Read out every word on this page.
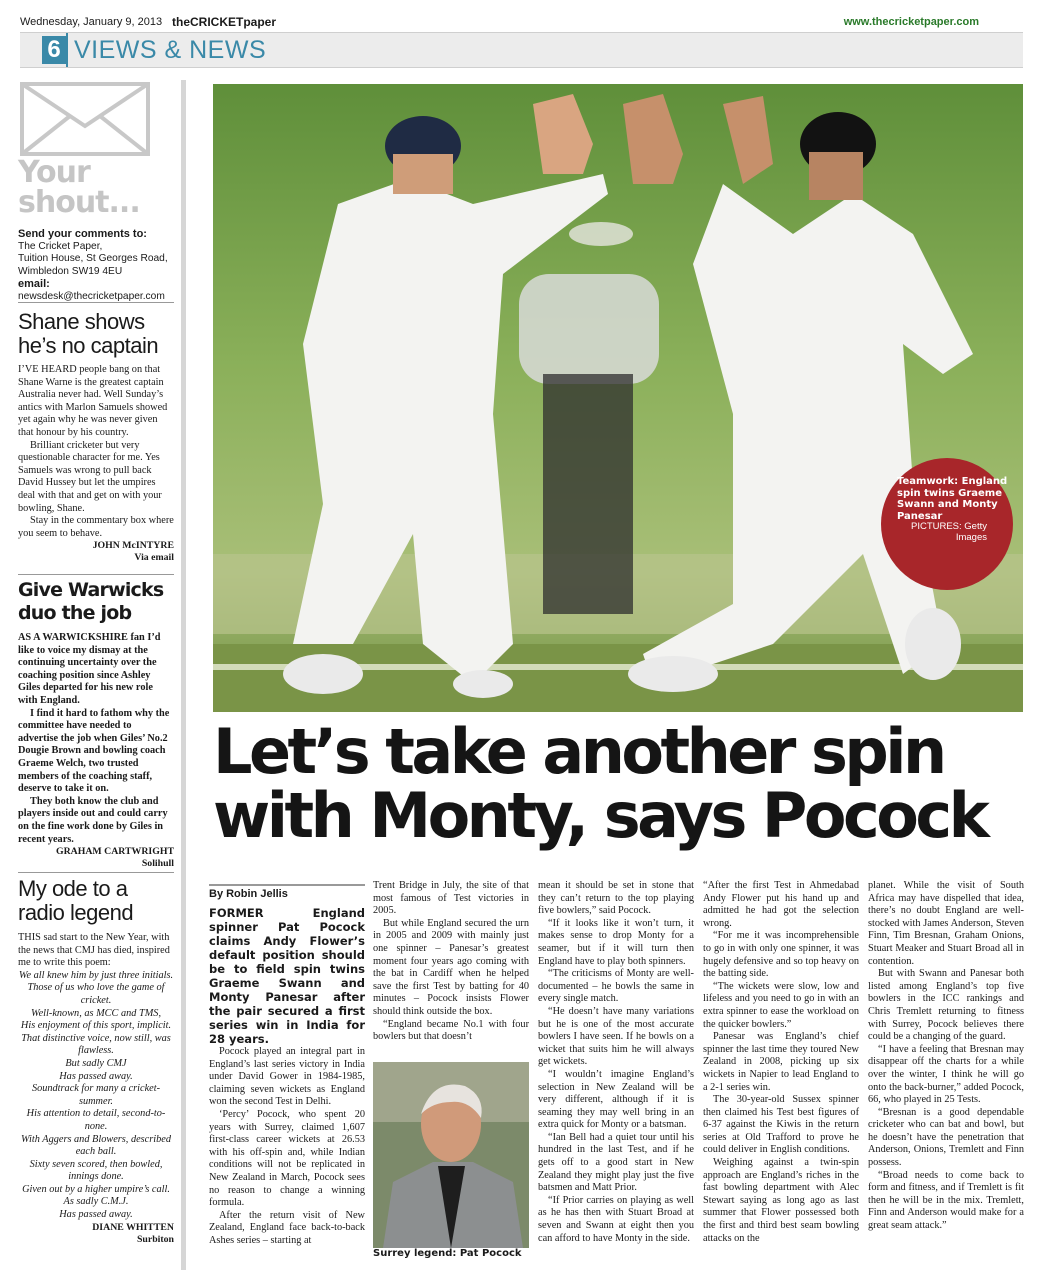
Wednesday, January 9, 2013 theCRICKETpaper	www.thecricketpaper.com
6 VIEWS & NEWS
Your
shout...
Send your comments to:
The Cricket Paper,
Tuition House, St Georges Road,
Wimbledon SW19 4EU
email:
newsdesk@thecricketpaper.com
Shane shows
he’s no captain

I’VE HEARD people bang on that Shane Warne is the greatest captain Australia never had. Well Sunday’s antics with Marlon Samuels showed yet again why he was never given that honour by his country.

Brilliant cricketer but very questionable character for me. Yes Samuels was wrong to pull back David Hussey but let the umpires deal with that and get on with your bowling, Shane.

Stay in the commentary box where you seem to behave.

JOHN McINTYRE
Via email
Give Warwicks
duo the job

AS A WARWICKSHIRE fan I’d like to voice my dismay at the continuing uncertainty over the coaching position since Ashley Giles departed for his new role with England.

I find it hard to fathom why the committee have needed to advertise the job when Giles’ No.2 Dougie Brown and bowling coach Graeme Welch, two trusted members of the coaching staff, deserve to take it on.

They both know the club and players inside out and could carry on the fine work done by Giles in recent years.

GRAHAM CARTWRIGHT
Solihull
My ode to a
radio legend

THIS sad start to the New Year, with the news that CMJ has died, inspired me to write this poem:

We all knew him by just three initials.
Those of us who love the game of cricket.
Well-known, as MCC and TMS,
His enjoyment of this sport, implicit.
That distinctive voice, now still, was flawless.
But sadly CMJ
Has passed away.
Soundtrack for many a cricket-summer.
His attention to detail, second-to-none.
With Aggers and Blowers, described each ball.
Sixty seven scored, then bowled, innings done.
Given out by a higher umpire’s call.
As sadly C.M.J.
Has passed away.
DIANE WHITTEN
Surbiton
Teamwork: England spin twins Graeme Swann and Monty Panesar
PICTURES: Getty Images
Let’s take another spin
with Monty, says Pocock
By Robin Jellis

FORMER England spinner Pat Pocock claims Andy Flower’s default position should be to field spin twins Graeme Swann and Monty Panesar after the pair secured a first series win in India for 28 years.

Pocock played an integral part in England’s last series victory in India under David Gower in 1984-1985, claiming seven wickets as England won the second Test in Delhi.

‘Percy’ Pocock, who spent 20 years with Surrey, claimed 1,607 first-class career wickets at 26.53 with his off-spin and, while Indian conditions will not be replicated in New Zealand in March, Pocock sees no reason to change a winning formula.

After the return visit of New Zealand, England face back-to-back Ashes series – starting at

Trent Bridge in July, the site of that most famous of Test victories in 2005.

But while England secured the urn in 2005 and 2009 with mainly just one spinner – Panesar’s greatest moment four years ago coming with the bat in Cardiff when he helped save the first Test by batting for 40 minutes – Pocock insists Flower should think outside the box.

“England became No.1 with four bowlers but that doesn’t

Surrey legend: Pat Pocock

mean it should be set in stone that they can’t return to the top playing five bowlers,” said Pocock.

“If it looks like it won’t turn, it makes sense to drop Monty for a seamer, but if it will turn then England have to play both spinners.

“The criticisms of Monty are well-documented – he bowls the same in every single match.

“He doesn’t have many variations but he is one of the most accurate bowlers I have seen. If he bowls on a wicket that suits him he will always get wickets.

“I wouldn’t imagine England’s selection in New Zealand will be very different, although if it is seaming they may well bring in an extra quick for Monty or a batsman.

“Ian Bell had a quiet tour until his hundred in the last Test, and if he gets off to a good start in New Zealand they might play just the five batsmen and Matt Prior.

“If Prior carries on playing as well as he has then with Stuart Broad at seven and Swann at eight then you can afford to have Monty in the side.

“After the first Test in Ahmedabad Andy Flower put his hand up and admitted he had got the selection wrong.

“For me it was incomprehensible to go in with only one spinner, it was hugely defensive and so top heavy on the batting side.

“The wickets were slow, low and lifeless and you need to go in with an extra spinner to ease the workload on the quicker bowlers.”

Panesar was England’s chief spinner the last time they toured New Zealand in 2008, picking up six wickets in Napier to lead England to a 2-1 series win.

The 30-year-old Sussex spinner then claimed his Test best figures of 6-37 against the Kiwis in the return series at Old Trafford to prove he could deliver in English conditions.

Weighing against a twin-spin approach are England’s riches in the fast bowling department with Alec Stewart saying as long ago as last summer that Flower possessed both the first and third best seam bowling attacks on the

planet. While the visit of South Africa may have dispelled that idea, there’s no doubt England are well-stocked with James Anderson, Steven Finn, Tim Bresnan, Graham Onions, Stuart Meaker and Stuart Broad all in contention.

But with Swann and Panesar both listed among England’s top five bowlers in the ICC rankings and Chris Tremlett returning to fitness with Surrey, Pocock believes there could be a changing of the guard.

“I have a feeling that Bresnan may disappear off the charts for a while over the winter, I think he will go onto the back-burner,” added Pocock, 66, who played in 25 Tests.

“Bresnan is a good dependable cricketer who can bat and bowl, but he doesn’t have the penetration that Anderson, Onions, Tremlett and Finn possess.

“Broad needs to come back to form and fitness, and if Tremlett is fit then he will be in the mix. Tremlett, Finn and Anderson would make for a great seam attack.”
